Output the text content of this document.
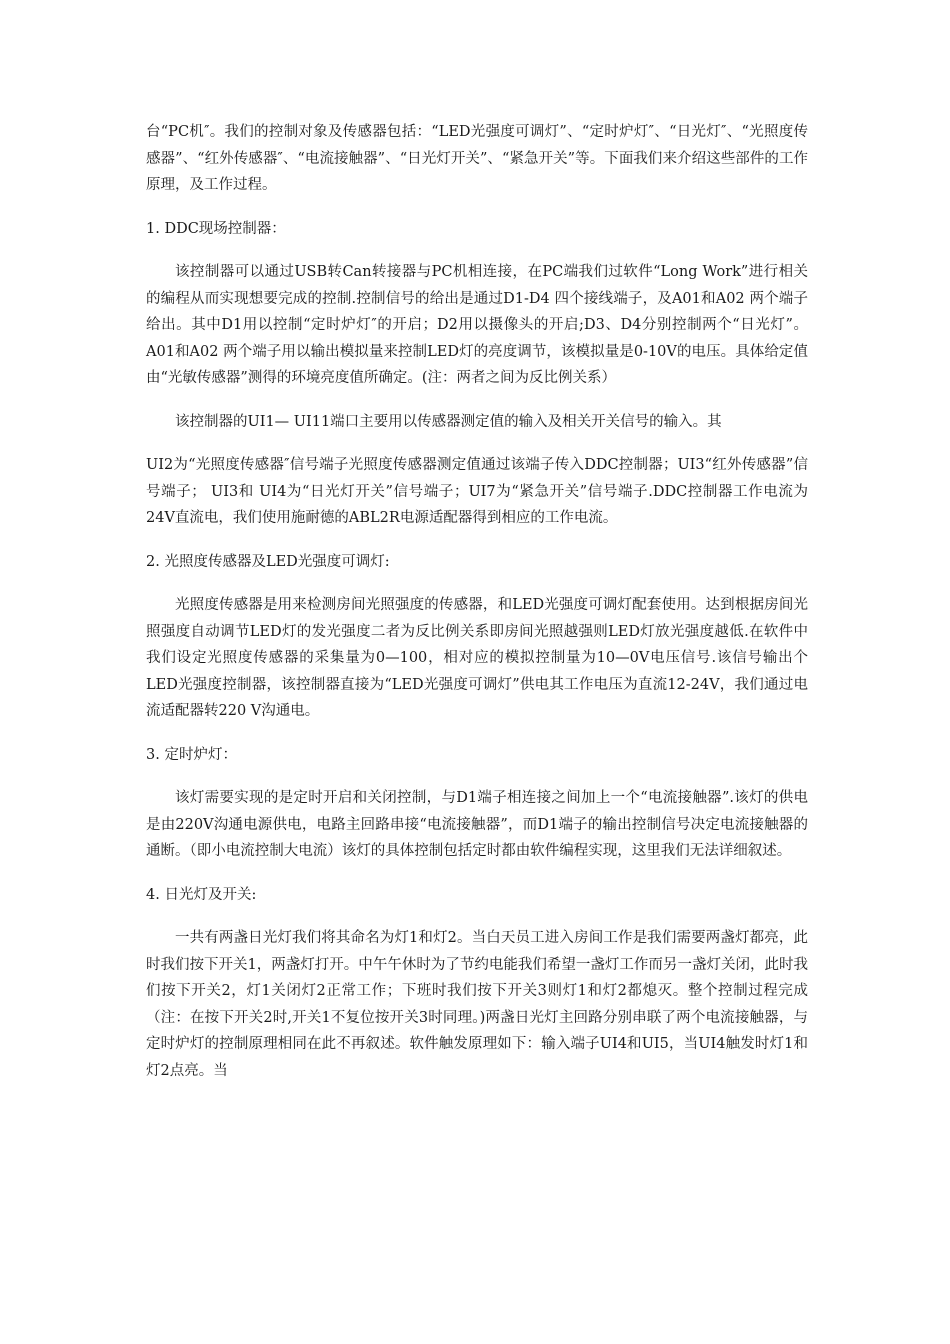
台“PC机″。我们的控制对象及传感器包括：“LED光强度可调灯”、“定时炉灯″、“日光灯″、“光照度传感器”、“红外传感器″、“电流接触器”、“日光灯开关”、“紧急开关”等。下面我们来介绍这些部件的工作原理，及工作过程。

1. DDC现场控制器：

该控制器可以通过USB转Can转接器与PC机相连接，在PC端我们过软件“Long Work”进行相关的编程从而实现想要完成的控制.控制信号的给出是通过D1-D4 四个接线端子，及A01和A02 两个端子给出。其中D1用以控制“定时炉灯″的开启；D2用以摄像头的开启;D3、D4分别控制两个“日光灯”。A01和A02 两个端子用以输出模拟量来控制LED灯的亮度调节，该模拟量是0-10V的电压。具体给定值由“光敏传感器”测得的环境亮度值所确定。(注：两者之间为反比例关系）

该控制器的UI1— UI11端口主要用以传感器测定值的输入及相关开关信号的输入。其

UI2为“光照度传感器″信号端子光照度传感器测定值通过该端子传入DDC控制器；UI3“红外传感器”信号端子； UI3和 UI4为“日光灯开关”信号端子；UI7为“紧急开关”信号端子.DDC控制器工作电流为24V直流电，我们使用施耐德的ABL2R电源适配器得到相应的工作电流。

2. 光照度传感器及LED光强度可调灯:

光照度传感器是用来检测房间光照强度的传感器，和LED光强度可调灯配套使用。达到根据房间光照强度自动调节LED灯的发光强度二者为反比例关系即房间光照越强则LED灯放光强度越低.在软件中我们设定光照度传感器的采集量为0—100，相对应的模拟控制量为10—0V电压信号.该信号输出个LED光强度控制器，该控制器直接为“LED光强度可调灯”供电其工作电压为直流12-24V，我们通过电流适配器转220 V沟通电。

3. 定时炉灯：

该灯需要实现的是定时开启和关闭控制，与D1端子相连接之间加上一个“电流接触器”.该灯的供电是由220V沟通电源供电，电路主回路串接“电流接触器”，而D1端子的输出控制信号决定电流接触器的通断。（即小电流控制大电流）该灯的具体控制包括定时都由软件编程实现，这里我们无法详细叙述。

4. 日光灯及开关:

一共有两盏日光灯我们将其命名为灯1和灯2。当白天员工进入房间工作是我们需要两盏灯都亮，此时我们按下开关1，两盏灯打开。中午午休时为了节约电能我们希望一盏灯工作而另一盏灯关闭，此时我们按下开关2，灯1关闭灯2正常工作；下班时我们按下开关3则灯1和灯2都熄灭。整个控制过程完成（注：在按下开关2时,开关1不复位按开关3时同理。)两盏日光灯主回路分别串联了两个电流接触器，与定时炉灯的控制原理相同在此不再叙述。软件触发原理如下：输入端子UI4和UI5，当UI4触发时灯1和灯2点亮。当
